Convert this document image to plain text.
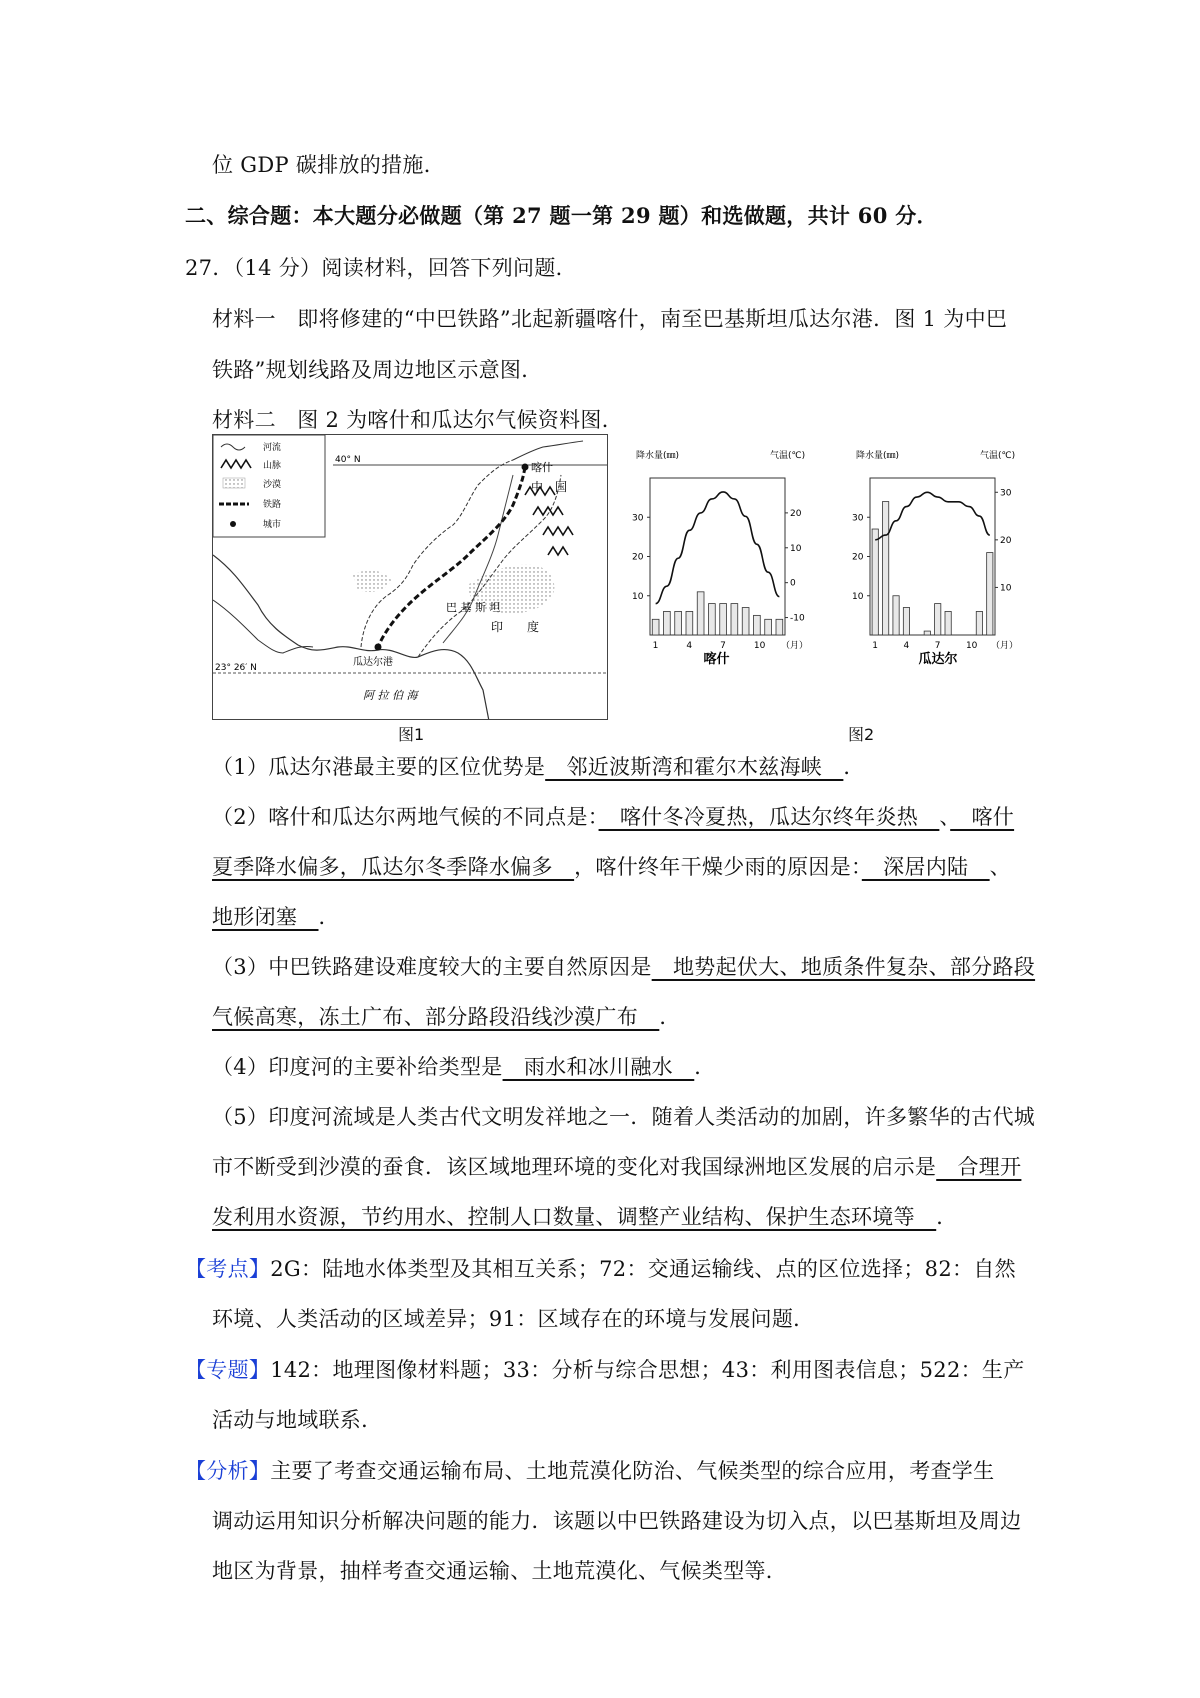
位 GDP 碳排放的措施．
二、综合题：本大题分必做题（第 27 题一第 29 题）和选做题，共计 60 分．
27．（14 分）阅读材料，回答下列问题．
材料一　即将修建的“中巴铁路”北起新疆喀什，南至巴基斯坦瓜达尔港．图 1 为中巴
铁路”规划线路及周边地区示意图．
材料二　图 2 为喀什和瓜达尔气候资料图．
40° N
23° 26′ N
喀什
中　国
巴 基 斯 坦
印　　度
瓜达尔港
阿 拉 伯 海
河流
山脉
沙漠
铁路
城市
图1
降水量(㎜)	气温(℃)
10
20
30
-10
0
10
20
1	4	7	10 （月）
喀什
降水量(㎜)	气温(℃)
10
20
30
10
20
30
1	4	7	10 （月）
瓜达尔
图2
（1）瓜达尔港最主要的区位优势是　邻近波斯湾和霍尔木兹海峡　．
（2）喀什和瓜达尔两地气候的不同点是：　喀什冬冷夏热，瓜达尔终年炎热　、　喀什
夏季降水偏多，瓜达尔冬季降水偏多　，喀什终年干燥少雨的原因是：　深居内陆　、
地形闭塞　．
（3）中巴铁路建设难度较大的主要自然原因是　地势起伏大、地质条件复杂、部分路段
气候高寒，冻土广布、部分路段沿线沙漠广布　．
（4）印度河的主要补给类型是　雨水和冰川融水　．
（5）印度河流域是人类古代文明发祥地之一．随着人类活动的加剧，许多繁华的古代城
市不断受到沙漠的蚕食．该区域地理环境的变化对我国绿洲地区发展的启示是　合理开
发利用水资源，节约用水、控制人口数量、调整产业结构、保护生态环境等　．
【考点】2G：陆地水体类型及其相互关系；72：交通运输线、点的区位选择；82：自然
环境、人类活动的区域差异；91：区域存在的环境与发展问题．
【专题】142：地理图像材料题；33：分析与综合思想；43：利用图表信息；522：生产
活动与地域联系．
【分析】主要了考查交通运输布局、土地荒漠化防治、气候类型的综合应用，考查学生
调动运用知识分析解决问题的能力．该题以中巴铁路建设为切入点，以巴基斯坦及周边
地区为背景，抽样考查交通运输、土地荒漠化、气候类型等．
